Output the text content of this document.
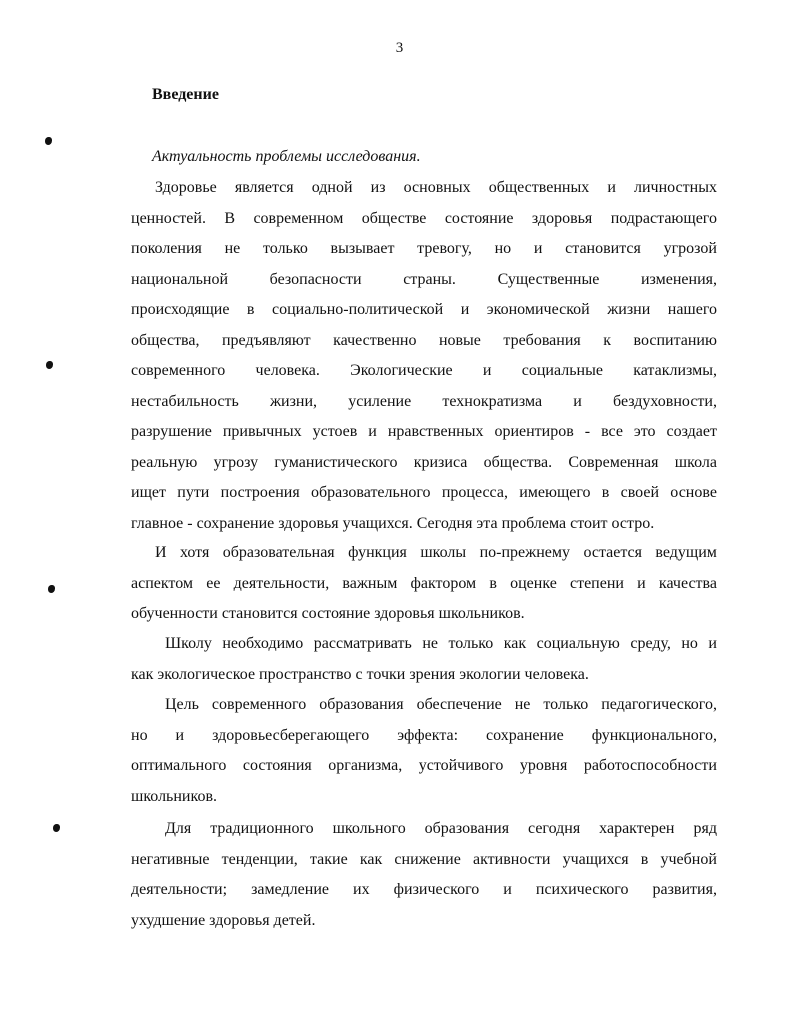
3
Введение
Актуальность проблемы исследования.
Здоровье является одной из основных общественных и личностных
ценностей. В современном обществе состояние здоровья подрастающего
поколения не только вызывает тревогу, но и становится угрозой
национальной	безопасности	страны.	Существенные	изменения,
происходящие в социально-политической и экономической жизни нашего
общества, предъявляют качественно новые требования к воспитанию
современного человека. Экологические и социальные катаклизмы,
нестабильность жизни, усиление технократизма и бездуховности,
разрушение привычных устоев и нравственных ориентиров - все это создает
реальную угрозу гуманистического кризиса общества. Современная школа
ищет пути построения образовательного процесса, имеющего в своей основе
главное - сохранение здоровья учащихся. Сегодня эта проблема стоит остро.
И хотя образовательная функция школы по-прежнему остается ведущим
аспектом ее деятельности, важным фактором в оценке степени и качества
обученности становится состояние здоровья школьников.
Школу необходимо рассматривать не только как социальную среду, но и
как экологическое пространство с точки зрения экологии человека.
Цель современного образования обеспечение не только педагогического,
но и здоровьесберегающего эффекта: сохранение функционального,
оптимального состояния организма, устойчивого уровня работоспособности
школьников.
Для традиционного школьного образования сегодня характерен ряд
негативные тенденции, такие как снижение активности учащихся в учебной
деятельности; замедление их физического и психического развития,
ухудшение здоровья детей.
